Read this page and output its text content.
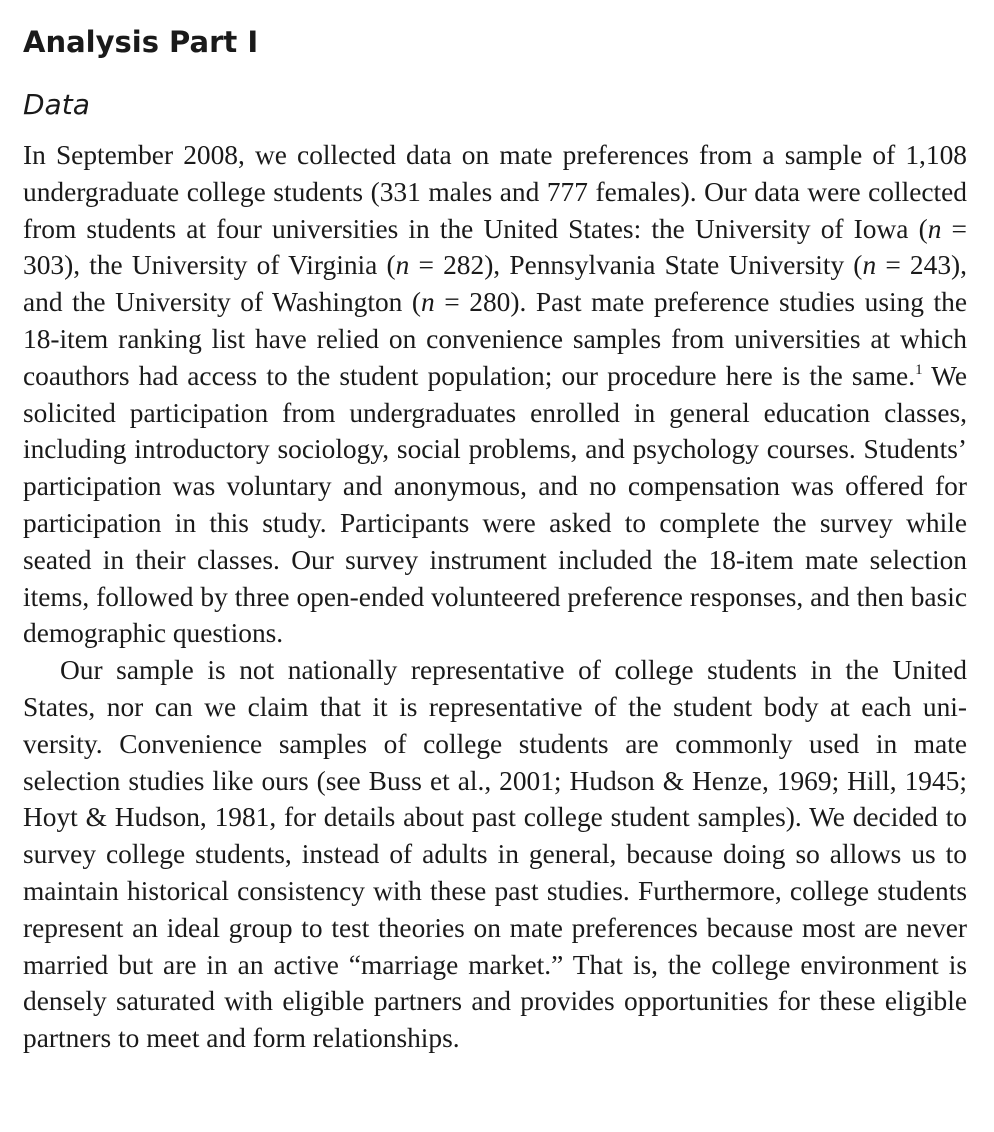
Analysis Part I
Data

In September 2008, we collected data on mate preferences from a sample of 1,108 undergraduate college students (331 males and 777 females). Our data were collected from students at four universities in the United States: the University of Iowa (n = 303), the University of Virginia (n = 282), Pennsylvania State University (n = 243), and the University of Washington (n = 280). Past mate preference studies using the 18-item ranking list have relied on convenience samples from universities at which coauthors had access to the student population; our procedure here is the same.$^1$ We solicited participation from undergraduates enrolled in general education classes, including introductory sociology, social problems, and psychology courses. Students’ participation was voluntary and anonymous, and no compensation was offered for participation in this study. Participants were asked to complete the survey while seated in their classes. Our survey instrument included the 18-item mate selection items, followed by three open-ended volunteered preference responses, and then basic demographic questions.

Our sample is not nationally representative of college students in the United States, nor can we claim that it is representative of the student body at each university. Convenience samples of college students are commonly used in mate selection studies like ours (see Buss et al., 2001; Hudson & Henze, 1969; Hill, 1945; Hoyt & Hudson, 1981, for details about past college student samples). We decided to survey college students, instead of adults in general, because doing so allows us to maintain historical consistency with these past studies. Furthermore, college students represent an ideal group to test theories on mate preferences because most are never married but are in an active “marriage market.” That is, the college environment is densely saturated with eligible partners and provides opportunities for these eligible partners to meet and form relationships.
